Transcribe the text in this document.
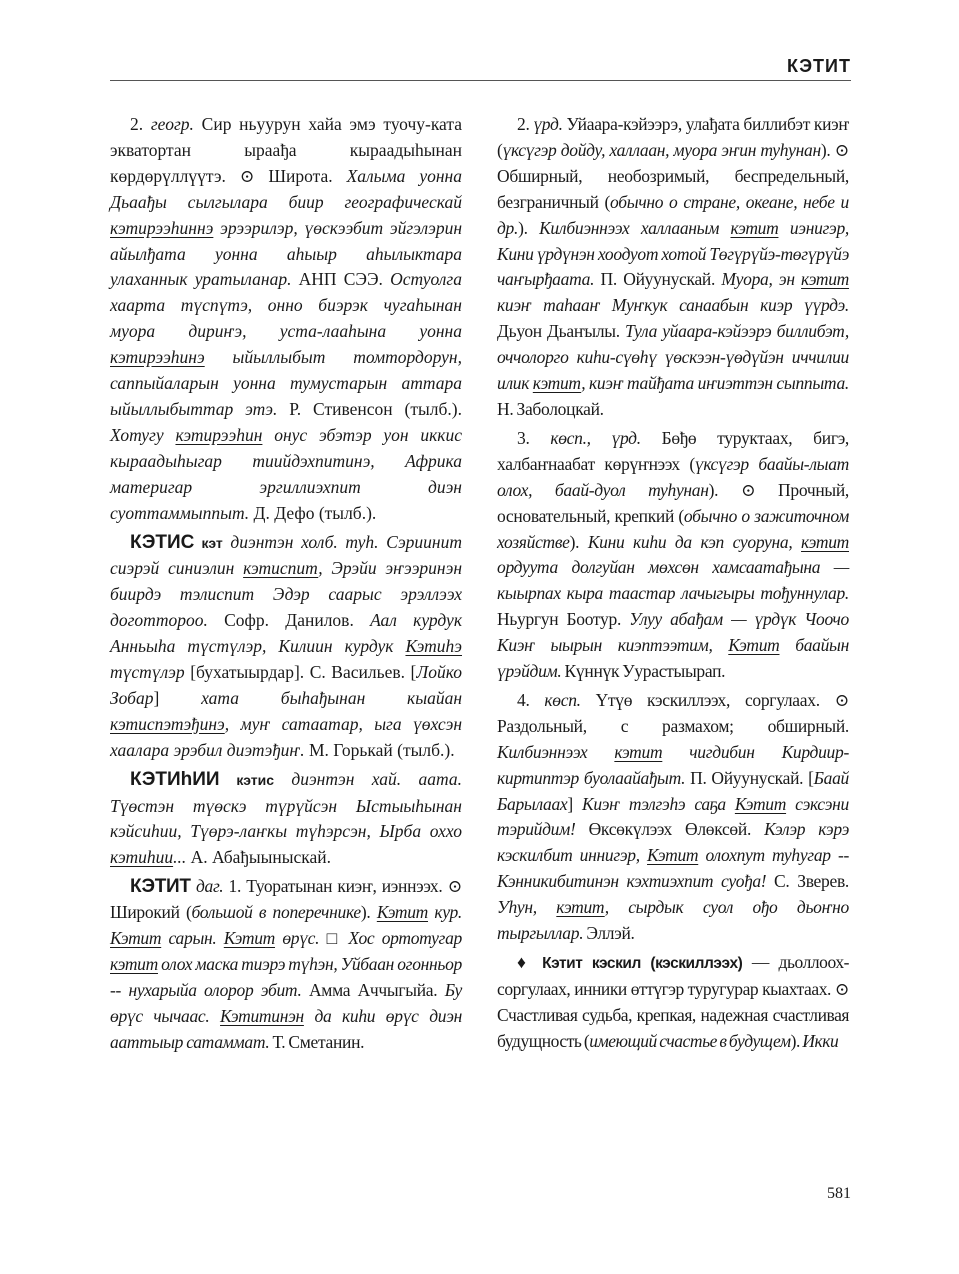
КЭТИТ

2. геогр. Сир ньуурун хайа эмэ туочу-ката экватортан ыраађа кыраадыhынан көрдөрүллүүтэ. ⊙ Широта. Халыма уонна Дьаађы сылгылара биир географическай кэтирээhиннэ эрээрилэр, үөскээбит эйгэлэрин айылђата уонна аhыыр аhылыктара улаханнык уратыланар. АНП СЭЭ. Остуолга хаарта түспүтэ, онно биэрэк чугаhынан муора дириҥэ, уста-лааhына уонна кэтирээhинэ ыйыллыбыт томтордорун, саппыйаларын уонна тумустарын аттара ыйыллыбыттар этэ. Р. Стивенсон (тылб.). Хотугу кэтирээhин онус эбэтэр уон иккис кыраадыhыгар тиийдэхпитинэ, Африка материгар эргиллиэхпит диэн суоттаммыппыт. Д. Дефо (тылб.).

КЭТИС кэт диэнтэн холб. туh. Сэриинит сиэрэй синиэлин кэтиспит, Эрэйи эҥээринэн биирдэ тэлиспит Эдэр саарыс эрэллээх доготтороо. Софр. Данилов. Аал курдук Анньыhа түстүлэр, Килиин курдук Кэтиhэ түстүлэр [бухатыырдар]. С. Васильев. [Лойко Зобар] хата быhађынан кыайан кэтиспэтэђинэ, муҥ сатаатар, ыга үөхсэн хаалара эрэбил диэтэђиҥ. М. Горькай (тылб.).

КЭТИhИИ кэтис диэнтэн хай. аата. Түөстэн түөскэ түрүйсэн Ыстыыhынан кэйсиhии, Түөрэ-лаҥкы түhэрсэн, Ырба оххо кэтиhии... А. Абађыыныскай.

КЭТИТ даг. 1. Туоратынан киэҥ, иэннээх. ⊙ Широкий (большой в поперечнике). Кэтит кур. Кэтит сарын. Кэтит өрүс. □ Хос ортотугар кэтит олох маска тиэрэ түhэн, Уйбаан огонньор -- нухарыйа олорор эбит. Амма Аччыгыйа. Бу өрүс чычаас. Кэтитинэн да киhи өрүс диэн ааттыыр сатаммат. Т. Сметанин.

2. үрд. Уйаара-кэйээрэ, улађата биллибэт киэҥ (үксүгэр дойду, халлаан, муора эҥин туhунан). ⊙ Обширный, необозримый, беспредельный, безграничный (обычно о стране, океане, небе и др.). Килбиэннээх халлааным кэтит иэнигэр, Кини үрдүнэн хоодуот хотой Төгүрүйэ-төгүрүйэ чаҥырђаата. П. Ойуунускай. Муора, эн кэтит киэҥ таhааҥ Муҥкук санаабын киэр үүрдэ. Дьуон Дьаҥылы. Тула уйаара-кэйээрэ биллибэт, оччолорго киhи-сүөhү үөскээн-үөдүйэн иччилии илик кэтит, киэҥ тайђата иҥиэттэн сыппыта. Н. Заболоцкай.

3. көсп., үрд. Бөђө туруктаах, бигэ, халбаҥнаабат көрүҥнээх (үксүгэр баайы-лыат олох, баай-дуол туhунан). ⊙ Прочный, основательный, крепкий (обычно о зажиточном хозяйстве). Кини киhи да кэп суоруна, кэтит ордуута долгуйан мөхсөн хамсаатађына — кыырпах кыра таастар лачыгыры тођуннулар. Ньургун Боотур. Улуу абађам — үрдүк Чоочо Киэҥ ыырын киэптээтим, Кэтит баайын үрэйдим. Күннүк Уурастыырап.

4. көсп. Үтүө кэскиллээх, соргулаах. ⊙ Раздольный, с размахом; обширный. Килбиэннээх кэтит чигдибин Кирдиир-киртиптэр буолаайађыт. П. Ойуунускай. [Баай Барылаах] Киэҥ тэлгэhэ саҕа Кэтит сэксэни тэрийдим! Өксөкүлээх Өлөксөй. Кэлэр кэрэ кэскилбит иннигэр, Кэтит олохпут туhугар -- Кэнникибитинэн кэхтиэхпит суођа! С. Зверев. Уhун, кэтит, сырдык суол ођо дьоҥно тыргыллар. Эллэй.

♦ Кэтит кэскил (кэскиллээх) — дьоллоох-соргулаах, инники өттүгэр туругурар кыахтаах. ⊙ Счастливая судьба, крепкая, надежная счастливая будущность (имеющий счастье в будущем). Икки

581
